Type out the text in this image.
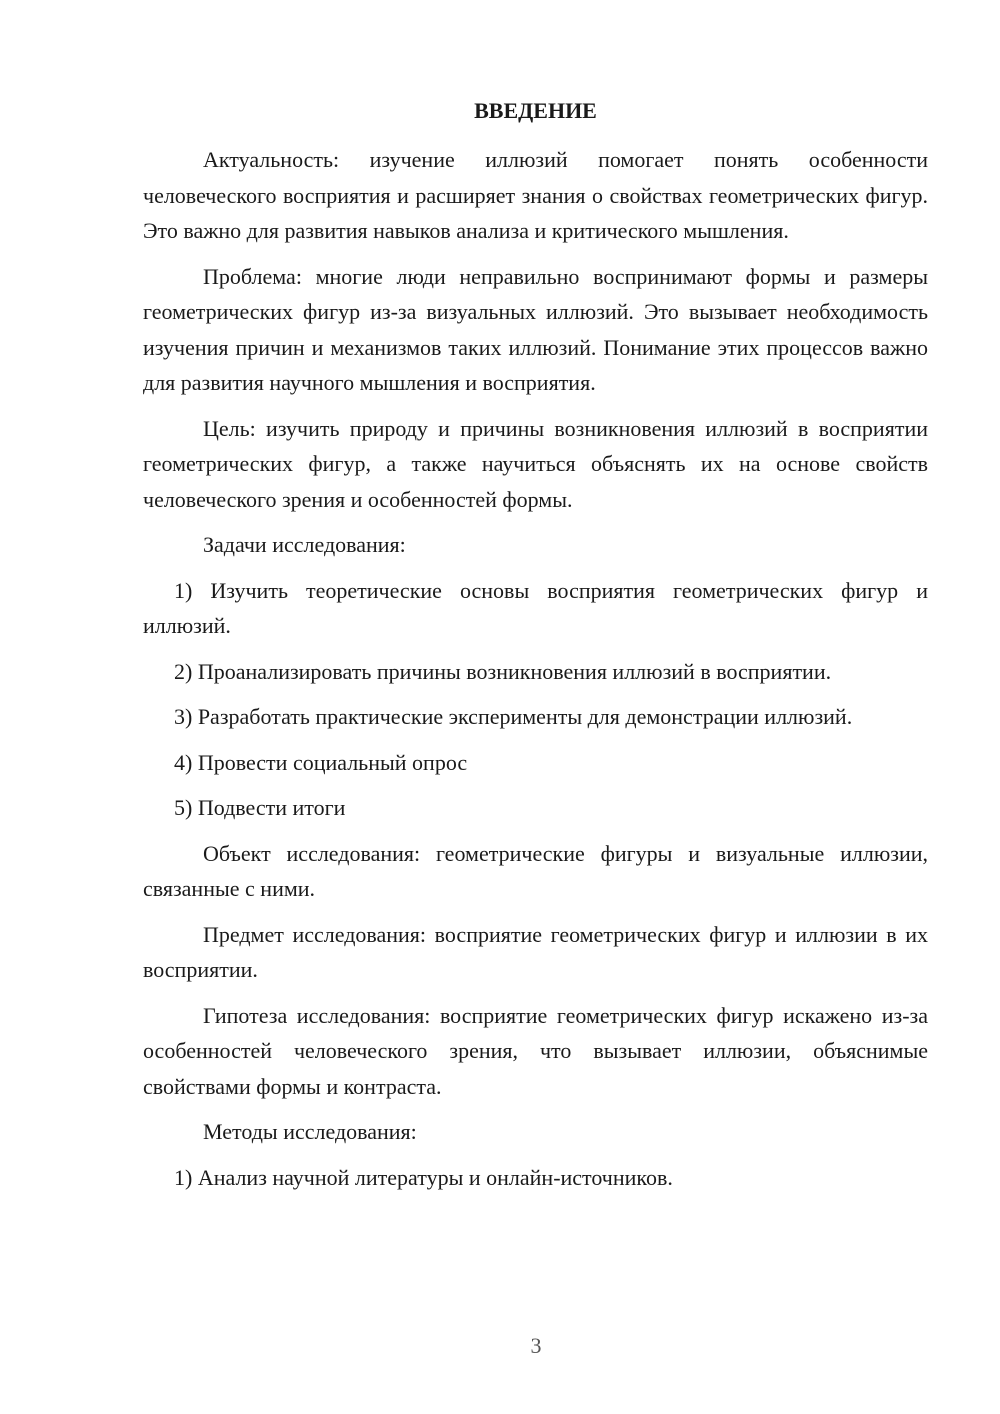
ВВЕДЕНИЕ

Актуальность: изучение иллюзий помогает понять особенности человеческого восприятия и расширяет знания о свойствах геометрических фигур. Это важно для развития навыков анализа и критического мышления.

Проблема: многие люди неправильно воспринимают формы и размеры геометрических фигур из-за визуальных иллюзий. Это вызывает необходимость изучения причин и механизмов таких иллюзий. Понимание этих процессов важно для развития научного мышления и восприятия.

Цель: изучить природу и причины возникновения иллюзий в восприятии геометрических фигур, а также научиться объяснять их на основе свойств человеческого зрения и особенностей формы.

Задачи исследования:

1) Изучить теоретические основы восприятия геометрических фигур и иллюзий.

2) Проанализировать причины возникновения иллюзий в восприятии.

3) Разработать практические эксперименты для демонстрации иллюзий.

4) Провести социальный опрос

5) Подвести итоги

Объект исследования: геометрические фигуры и визуальные иллюзии, связанные с ними.

Предмет исследования: восприятие геометрических фигур и иллюзии в их восприятии.

Гипотеза исследования: восприятие геометрических фигур искажено из-за особенностей человеческого зрения, что вызывает иллюзии, объяснимые свойствами формы и контраста.

Методы исследования:

1) Анализ научной литературы и онлайн-источников.

3
